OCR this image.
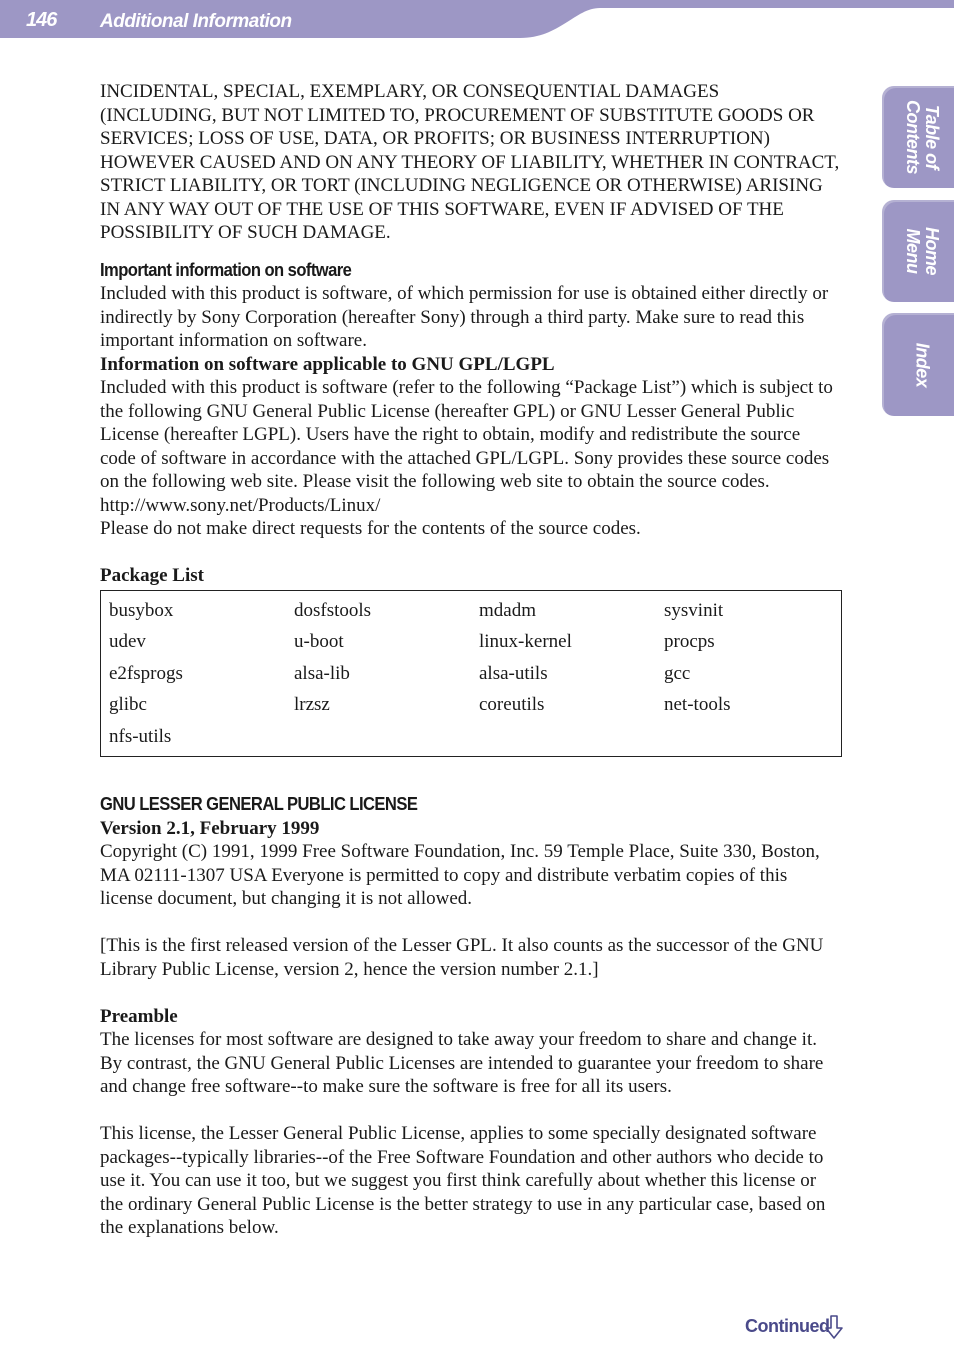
146 Additional Information
Table of
Contents
Home
Menu
Index

INCIDENTAL, SPECIAL, EXEMPLARY, OR CONSEQUENTIAL DAMAGES (INCLUDING, BUT NOT LIMITED TO, PROCUREMENT OF SUBSTITUTE GOODS OR SERVICES; LOSS OF USE, DATA, OR PROFITS; OR BUSINESS INTERRUPTION) HOWEVER CAUSED AND ON ANY THEORY OF LIABILITY, WHETHER IN CONTRACT, STRICT LIABILITY, OR TORT (INCLUDING NEGLIGENCE OR OTHERWISE) ARISING IN ANY WAY OUT OF THE USE OF THIS SOFTWARE, EVEN IF ADVISED OF THE POSSIBILITY OF SUCH DAMAGE.

Important information on software

Included with this product is software, of which permission for use is obtained either directly or indirectly by Sony Corporation (hereafter Sony) through a third party. Make sure to read this important information on software.

Information on software applicable to GNU GPL/LGPL

Included with this product is software (refer to the following “Package List”) which is subject to the following GNU General Public License (hereafter GPL) or GNU Lesser General Public License (hereafter LGPL). Users have the right to obtain, modify and redistribute the source code of software in accordance with the attached GPL/LGPL. Sony provides these source codes on the following web site. Please visit the following web site to obtain the source codes.

http://www.sony.net/Products/Linux/

Please do not make direct requests for the contents of the source codes.

Package List

busybox	dosfstools	mdadm	sysvinit
udev	u-boot	linux-kernel	procps
e2fsprogs	alsa-lib	alsa-utils	gcc
glibc	lrzsz	coreutils	net-tools
nfs-utils

GNU LESSER GENERAL PUBLIC LICENSE

Version 2.1, February 1999

Copyright (C) 1991, 1999 Free Software Foundation, Inc. 59 Temple Place, Suite 330, Boston, MA 02111-1307 USA Everyone is permitted to copy and distribute verbatim copies of this license document, but changing it is not allowed.

[This is the first released version of the Lesser GPL. It also counts as the successor of the GNU Library Public License, version 2, hence the version number 2.1.]

Preamble

The licenses for most software are designed to take away your freedom to share and change it. By contrast, the GNU General Public Licenses are intended to guarantee your freedom to share and change free software--to make sure the software is free for all its users.

This license, the Lesser General Public License, applies to some specially designated software packages--typically libraries--of the Free Software Foundation and other authors who decide to use it. You can use it too, but we suggest you first think carefully about whether this license or the ordinary General Public License is the better strategy to use in any particular case, based on the explanations below.

Continued
